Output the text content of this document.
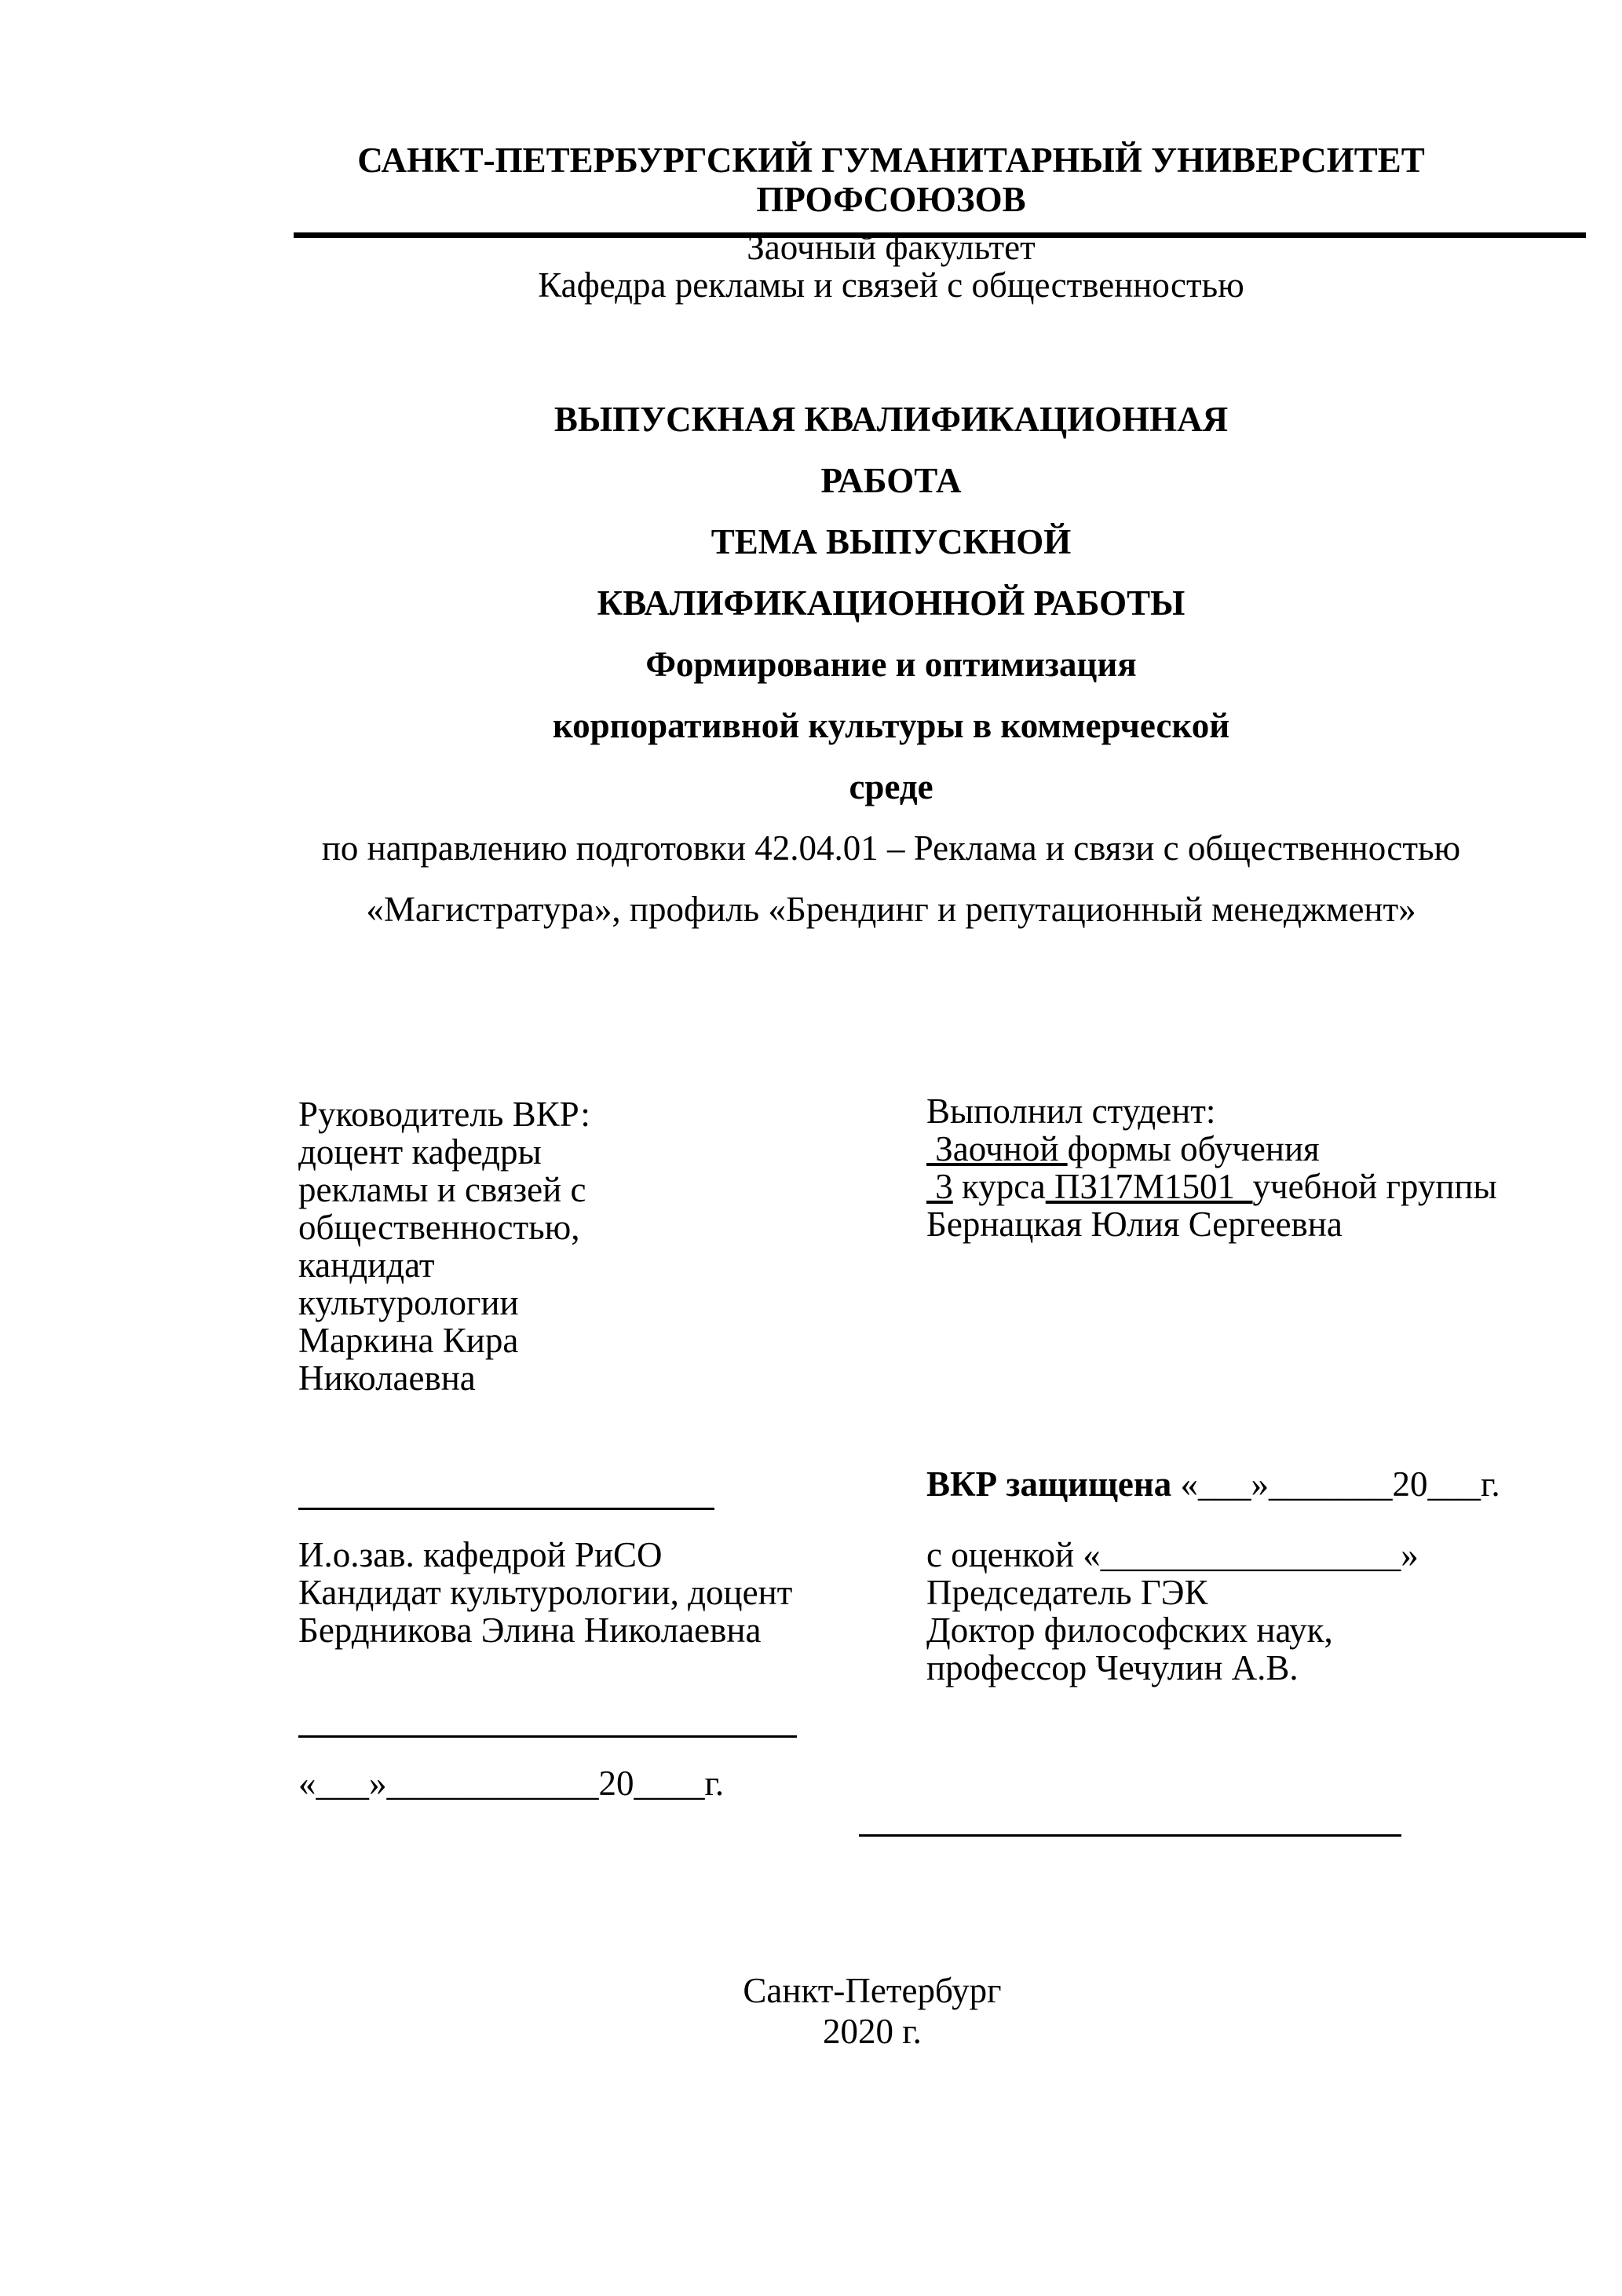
САНКТ-ПЕТЕРБУРГСКИЙ ГУМАНИТАРНЫЙ УНИВЕРСИТЕТ
ПРОФСОЮЗОВ
Заочный факультет
Кафедра рекламы и связей с общественностью
ВЫПУСКНАЯ КВАЛИФИКАЦИОННАЯ
РАБОТА
ТЕМА ВЫПУСКНОЙ
КВАЛИФИКАЦИОННОЙ РАБОТЫ
Формирование и оптимизация
корпоративной культуры в коммерческой
среде
по направлению подготовки 42.04.01 – Реклама и связи с общественностью
«Магистратура», профиль «Брендинг и репутационный менеджмент»
Руководитель ВКР:
доцент кафедры
рекламы и связей с
общественностью,
кандидат
культурологии
Маркина Кира
Николаевна
Выполнил студент:
Заочной формы обучения
3 курса ПЗ17М1501  учебной группы
Бернацкая Юлия Сергеевна
ВКР защищена «___»_______20___г.
И.о.зав. кафедрой РиСО
Кандидат культурологии, доцент
Бердникова Элина Николаевна
с оценкой «_________________»
Председатель ГЭК
Доктор философских наук,
профессор Чечулин А.В.
«___»____________20____г.
Санкт-Петербург
2020 г.
